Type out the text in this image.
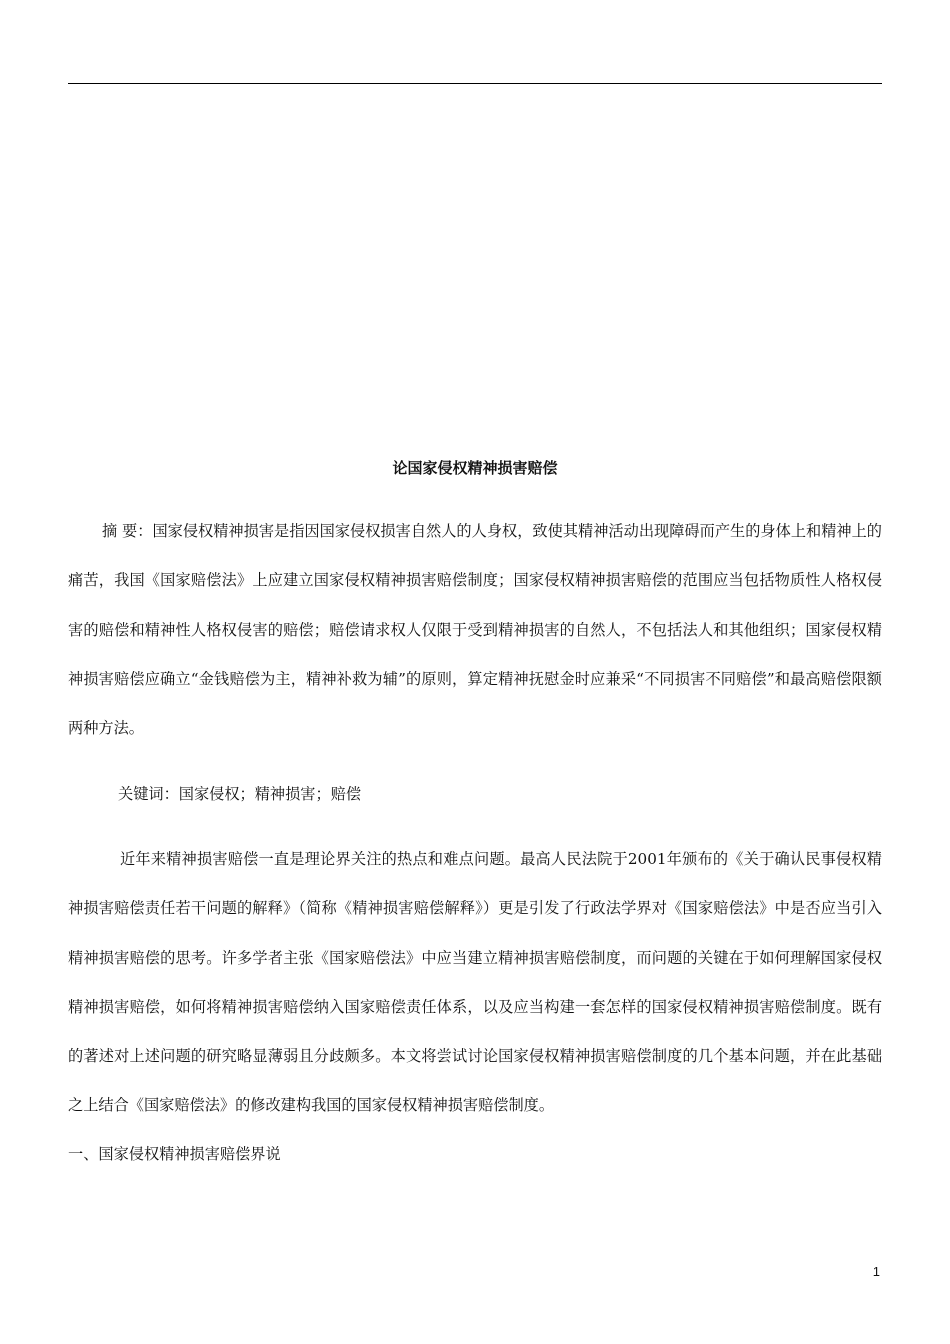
论国家侵权精神损害赔偿

摘 要：国家侵权精神损害是指因国家侵权损害自然人的人身权，致使其精神活动出现障碍而产生的身体上和精神上的痛苦，我国《国家赔偿法》上应建立国家侵权精神损害赔偿制度；国家侵权精神损害赔偿的范围应当包括物质性人格权侵害的赔偿和精神性人格权侵害的赔偿；赔偿请求权人仅限于受到精神损害的自然人，不包括法人和其他组织；国家侵权精神损害赔偿应确立“金钱赔偿为主，精神补救为辅”的原则，算定精神抚慰金时应兼采“不同损害不同赔偿”和最高赔偿限额两种方法。

关键词：国家侵权；精神损害；赔偿

近年来精神损害赔偿一直是理论界关注的热点和难点问题。最高人民法院于2001年颁布的《关于确认民事侵权精神损害赔偿责任若干问题的解释》（简称《精神损害赔偿解释》）更是引发了行政法学界对《国家赔偿法》中是否应当引入精神损害赔偿的思考。许多学者主张《国家赔偿法》中应当建立精神损害赔偿制度，而问题的关键在于如何理解国家侵权精神损害赔偿，如何将精神损害赔偿纳入国家赔偿责任体系，以及应当构建一套怎样的国家侵权精神损害赔偿制度。既有的著述对上述问题的研究略显薄弱且分歧颇多。本文将尝试讨论国家侵权精神损害赔偿制度的几个基本问题，并在此基础之上结合《国家赔偿法》的修改建构我国的国家侵权精神损害赔偿制度。

一、国家侵权精神损害赔偿界说

1
